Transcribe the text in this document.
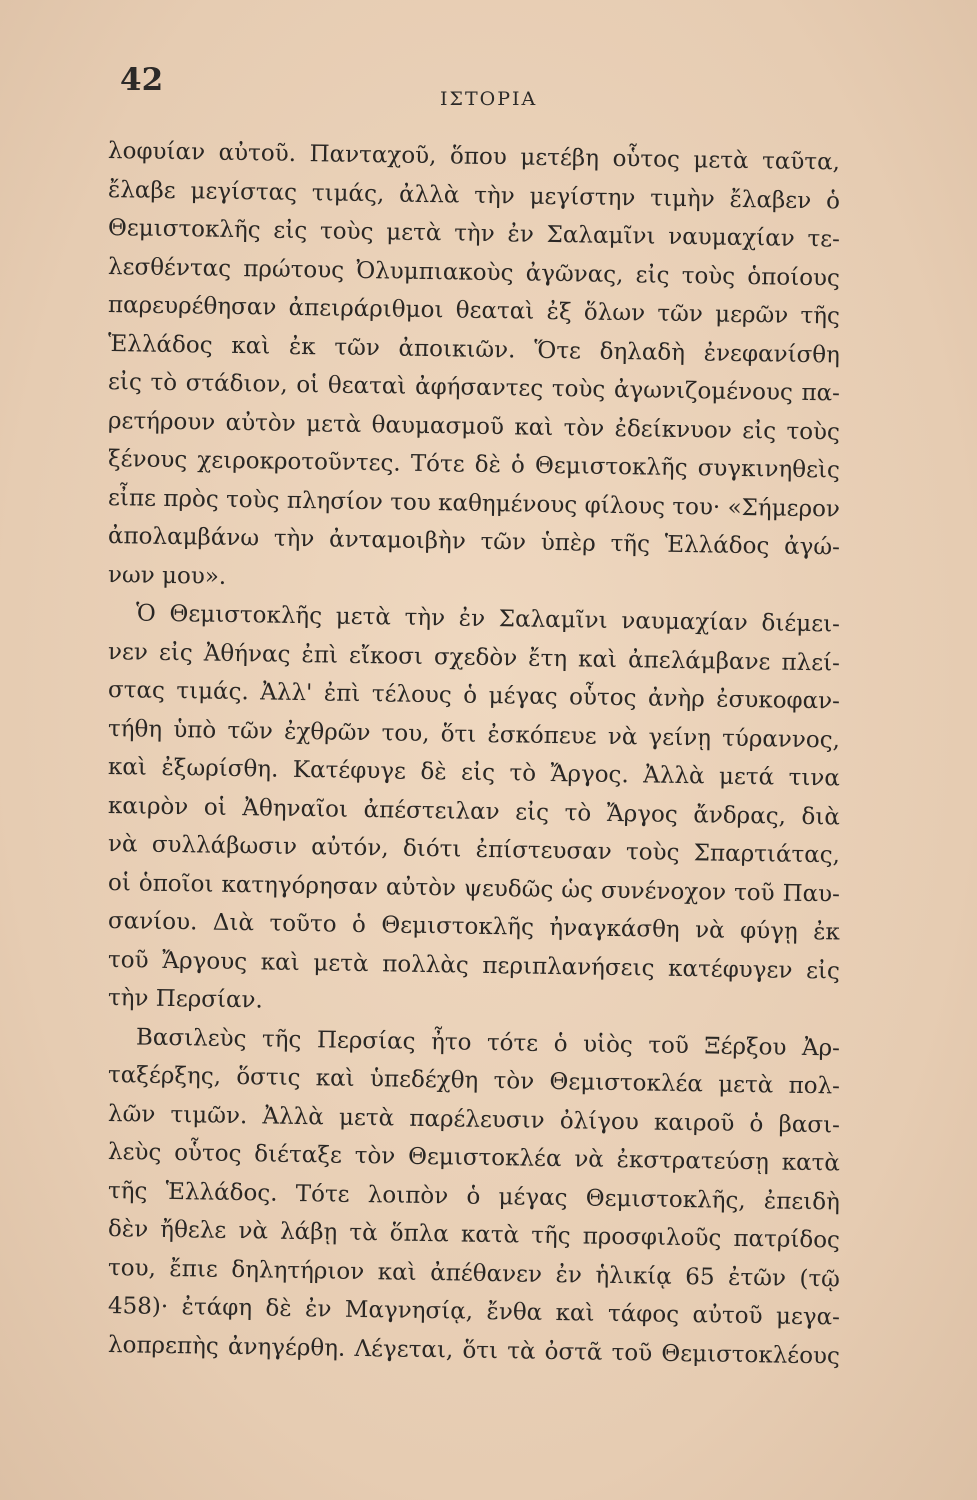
42
ΙΣΤΟΡΙΑ
λοφυίαν αὐτοῦ. Πανταχοῦ, ὅπου μετέβη οὗτος μετὰ ταῦτα,
ἔλαβε μεγίστας τιμάς, ἀλλὰ τὴν μεγίστην τιμὴν ἔλαβεν ὁ
Θεμιστοκλῆς εἰς τοὺς μετὰ τὴν ἐν Σαλαμῖνι ναυμαχίαν τε-
λεσθέντας πρώτους Ὀλυμπιακοὺς ἀγῶνας, εἰς τοὺς ὁποίους
παρευρέθησαν ἀπειράριθμοι θεαταὶ ἐξ ὅλων τῶν μερῶν τῆς
Ἑλλάδος καὶ ἐκ τῶν ἀποικιῶν. Ὅτε δηλαδὴ ἐνεφανίσθη
εἰς τὸ στάδιον, οἱ θεαταὶ ἀφήσαντες τοὺς ἀγωνιζομένους πα-
ρετήρουν αὐτὸν μετὰ θαυμασμοῦ καὶ τὸν ἐδείκνυον εἰς τοὺς
ξένους χειροκροτοῦντες. Τότε δὲ ὁ Θεμιστοκλῆς συγκινηθεὶς
εἶπε πρὸς τοὺς πλησίον του καθημένους φίλους του· «Σήμερον
ἀπολαμβάνω τὴν ἀνταμοιβὴν τῶν ὑπὲρ τῆς Ἑλλάδος ἀγώ-
νων μου».
Ὁ Θεμιστοκλῆς μετὰ τὴν ἐν Σαλαμῖνι ναυμαχίαν διέμει-
νεν εἰς Ἀθήνας ἐπὶ εἴκοσι σχεδὸν ἔτη καὶ ἀπελάμβανε πλεί-
στας τιμάς. Ἀλλ' ἐπὶ τέλους ὁ μέγας οὗτος ἀνὴρ ἐσυκοφαν-
τήθη ὑπὸ τῶν ἐχθρῶν του, ὅτι ἐσκόπευε νὰ γείνῃ τύραννος,
καὶ ἐξωρίσθη. Κατέφυγε δὲ εἰς τὸ Ἄργος. Ἀλλὰ μετά τινα
καιρὸν οἱ Ἀθηναῖοι ἀπέστειλαν εἰς τὸ Ἄργος ἄνδρας, διὰ
νὰ συλλάβωσιν αὐτόν, διότι ἐπίστευσαν τοὺς Σπαρτιάτας,
οἱ ὁποῖοι κατηγόρησαν αὐτὸν ψευδῶς ὡς συνένοχον τοῦ Παυ-
σανίου. Διὰ τοῦτο ὁ Θεμιστοκλῆς ἠναγκάσθη νὰ φύγῃ ἐκ
τοῦ Ἄργους καὶ μετὰ πολλὰς περιπλανήσεις κατέφυγεν εἰς
τὴν Περσίαν.
Βασιλεὺς τῆς Περσίας ἦτο τότε ὁ υἱὸς τοῦ Ξέρξου Ἀρ-
ταξέρξης, ὅστις καὶ ὑπεδέχθη τὸν Θεμιστοκλέα μετὰ πολ-
λῶν τιμῶν. Ἀλλὰ μετὰ παρέλευσιν ὀλίγου καιροῦ ὁ βασι-
λεὺς οὗτος διέταξε τὸν Θεμιστοκλέα νὰ ἐκστρατεύσῃ κατὰ
τῆς Ἑλλάδος. Τότε λοιπὸν ὁ μέγας Θεμιστοκλῆς, ἐπειδὴ
δὲν ἤθελε νὰ λάβῃ τὰ ὅπλα κατὰ τῆς προσφιλοῦς πατρίδος
του, ἔπιε δηλητήριον καὶ ἀπέθανεν ἐν ἡλικίᾳ 65 ἐτῶν (τῷ
458)· ἐτάφη δὲ ἐν Μαγνησίᾳ, ἔνθα καὶ τάφος αὐτοῦ μεγα-
λοπρεπὴς ἀνηγέρθη. Λέγεται, ὅτι τὰ ὀστᾶ τοῦ Θεμιστοκλέους
